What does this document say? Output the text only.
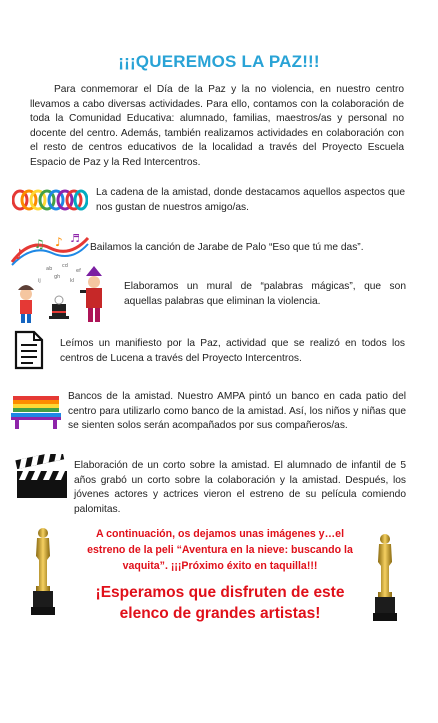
¡¡¡QUEREMOS LA PAZ!!!
Para conmemorar el Día de la Paz y la no violencia, en nuestro centro llevamos a cabo diversas actividades. Para ello, contamos con la colaboración de toda la Comunidad Educativa: alumnado, familias, maestros/as y personal no docente del centro. Además, también realizamos actividades en colaboración con el resto de centros educativos de la localidad a través del Proyecto Escuela Espacio de Paz y la Red Intercentros.
La cadena de la amistad, donde destacamos aquellos aspectos que nos gustan de nuestros amigo/as.
♪
♫ ♪ ♬
Bailamos la canción de Jarabe de Palo “Eso que tú me das”.
ab cd
ef
gh
ij	kl	Elaboramos un mural de “palabras mágicas”, que son aquellas palabras que eliminan la violencia.
Leímos un manifiesto por la Paz, actividad que se realizó en todos los centros de Lucena a través del Proyecto Intercentros.
Bancos de la amistad. Nuestro AMPA pintó un banco en cada patio del centro para utilizarlo como banco de la amistad. Así, los niños y niñas que se sienten solos serán acompañados por sus compañeros/as.
Elaboración de un corto sobre la amistad. El alumnado de infantil de 5 años grabó un corto sobre la colaboración y la amistad. Después, los jóvenes actores y actrices vieron el estreno de su película comiendo palomitas.
A continuación, os dejamos unas imágenes y…el estreno de la peli “Aventura en la nieve: buscando la vaquita”. ¡¡¡Próximo éxito en taquilla!!!
¡Esperamos que disfruten de este elenco de grandes artistas!
